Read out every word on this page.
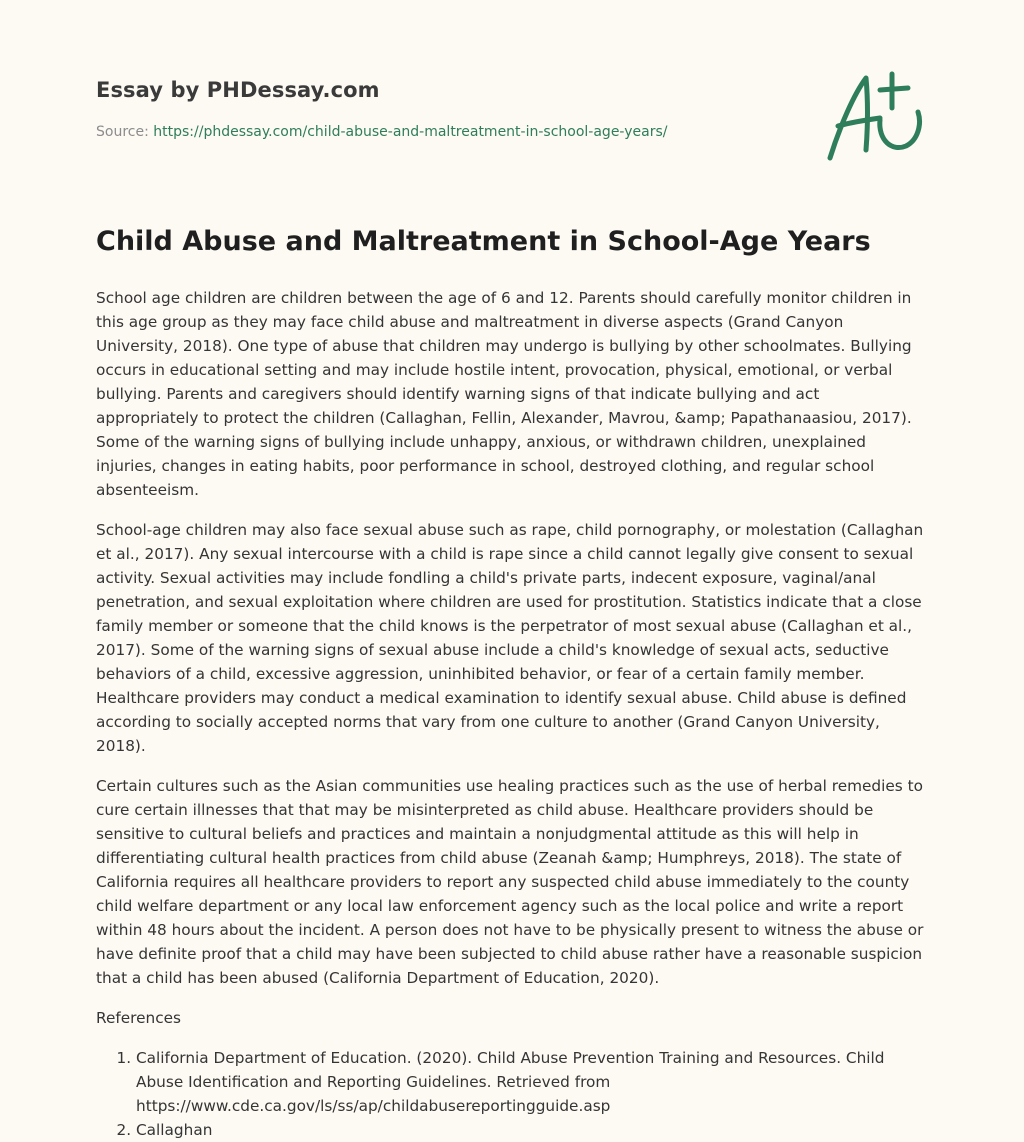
Essay by PHDessay.com
Source: https://phdessay.com/child-abuse-and-maltreatment-in-school-age-years/
Child Abuse and Maltreatment in School-Age Years

School age children are children between the age of 6 and 12. Parents should carefully monitor children in this age group as they may face child abuse and maltreatment in diverse aspects (Grand Canyon University, 2018). One type of abuse that children may undergo is bullying by other schoolmates. Bullying occurs in educational setting and may include hostile intent, provocation, physical, emotional, or verbal bullying. Parents and caregivers should identify warning signs of that indicate bullying and act appropriately to protect the children (Callaghan, Fellin, Alexander, Mavrou, &amp; Papathanaasiou, 2017). Some of the warning signs of bullying include unhappy, anxious, or withdrawn children, unexplained injuries, changes in eating habits, poor performance in school, destroyed clothing, and regular school absenteeism.

School-age children may also face sexual abuse such as rape, child pornography, or molestation (Callaghan et al., 2017). Any sexual intercourse with a child is rape since a child cannot legally give consent to sexual activity. Sexual activities may include fondling a child's private parts, indecent exposure, vaginal/anal penetration, and sexual exploitation where children are used for prostitution. Statistics indicate that a close family member or someone that the child knows is the perpetrator of most sexual abuse (Callaghan et al., 2017). Some of the warning signs of sexual abuse include a child's knowledge of sexual acts, seductive behaviors of a child, excessive aggression, uninhibited behavior, or fear of a certain family member. Healthcare providers may conduct a medical examination to identify sexual abuse. Child abuse is defined according to socially accepted norms that vary from one culture to another (Grand Canyon University, 2018).

Certain cultures such as the Asian communities use healing practices such as the use of herbal remedies to cure certain illnesses that that may be misinterpreted as child abuse. Healthcare providers should be sensitive to cultural beliefs and practices and maintain a nonjudgmental attitude as this will help in differentiating cultural health practices from child abuse (Zeanah &amp; Humphreys, 2018). The state of California requires all healthcare providers to report any suspected child abuse immediately to the county child welfare department or any local law enforcement agency such as the local police and write a report within 48 hours about the incident. A person does not have to be physically present to witness the abuse or have definite proof that a child may have been subjected to child abuse rather have a reasonable suspicion that a child has been abused (California Department of Education, 2020).

References

1. California Department of Education. (2020). Child Abuse Prevention Training and Resources. Child Abuse Identification and Reporting Guidelines. Retrieved from https://www.cde.ca.gov/ls/ss/ap/childabusereportingguide.asp
2. Callaghan
